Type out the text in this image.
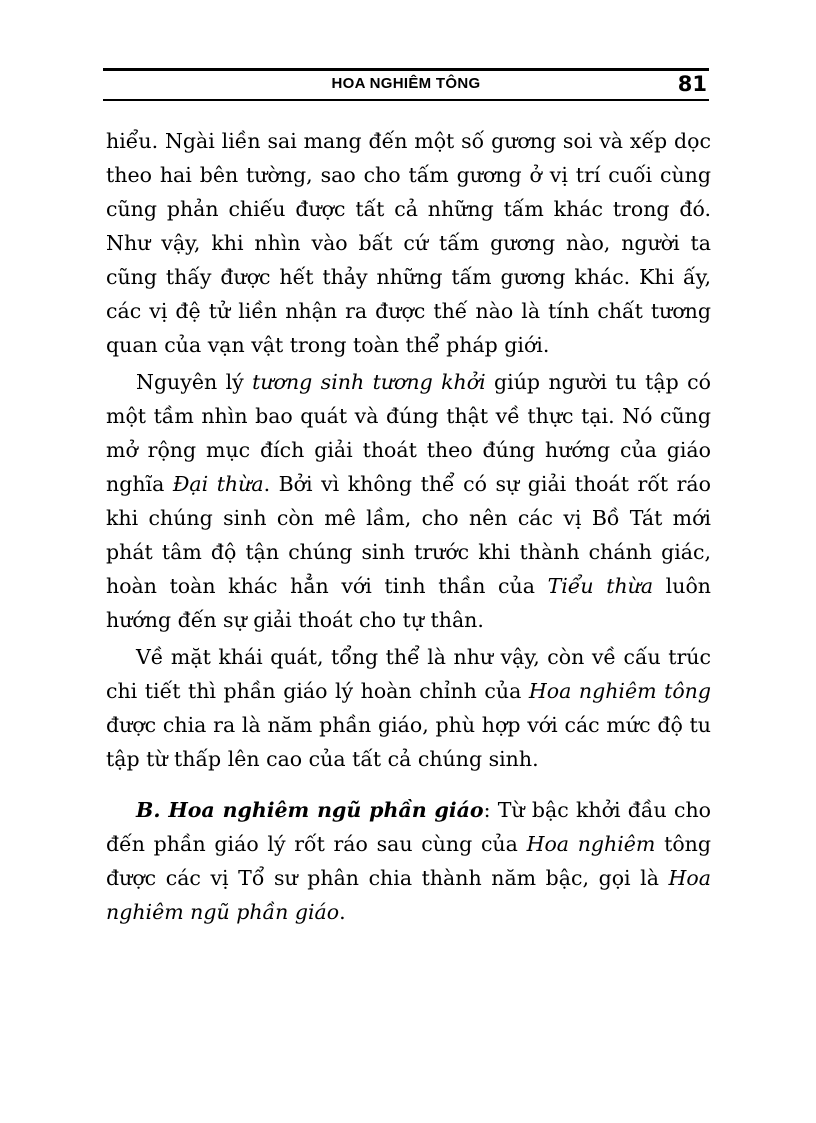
HOA NGHIÊM TÔNG	81

hiểu. Ngài liền sai mang đến một số gương soi và xếp dọc theo hai bên tường, sao cho tấm gương ở vị trí cuối cùng cũng phản chiếu được tất cả những tấm khác trong đó. Như vậy, khi nhìn vào bất cứ tấm gương nào, người ta cũng thấy được hết thảy những tấm gương khác. Khi ấy, các vị đệ tử liền nhận ra được thế nào là tính chất tương quan của vạn vật trong toàn thể pháp giới.

Nguyên lý tương sinh tương khởi giúp người tu tập có một tầm nhìn bao quát và đúng thật về thực tại. Nó cũng mở rộng mục đích giải thoát theo đúng hướng của giáo nghĩa Đại thừa. Bởi vì không thể có sự giải thoát rốt ráo khi chúng sinh còn mê lầm, cho nên các vị Bồ Tát mới phát tâm độ tận chúng sinh trước khi thành chánh giác, hoàn toàn khác hẳn với tinh thần của Tiểu thừa luôn hướng đến sự giải thoát cho tự thân.

Về mặt khái quát, tổng thể là như vậy, còn về cấu trúc chi tiết thì phần giáo lý hoàn chỉnh của Hoa nghiêm tông được chia ra là năm phần giáo, phù hợp với các mức độ tu tập từ thấp lên cao của tất cả chúng sinh.

B. Hoa nghiêm ngũ phần giáo: Từ bậc khởi đầu cho đến phần giáo lý rốt ráo sau cùng của Hoa nghiêm tông được các vị Tổ sư phân chia thành năm bậc, gọi là Hoa nghiêm ngũ phần giáo.
